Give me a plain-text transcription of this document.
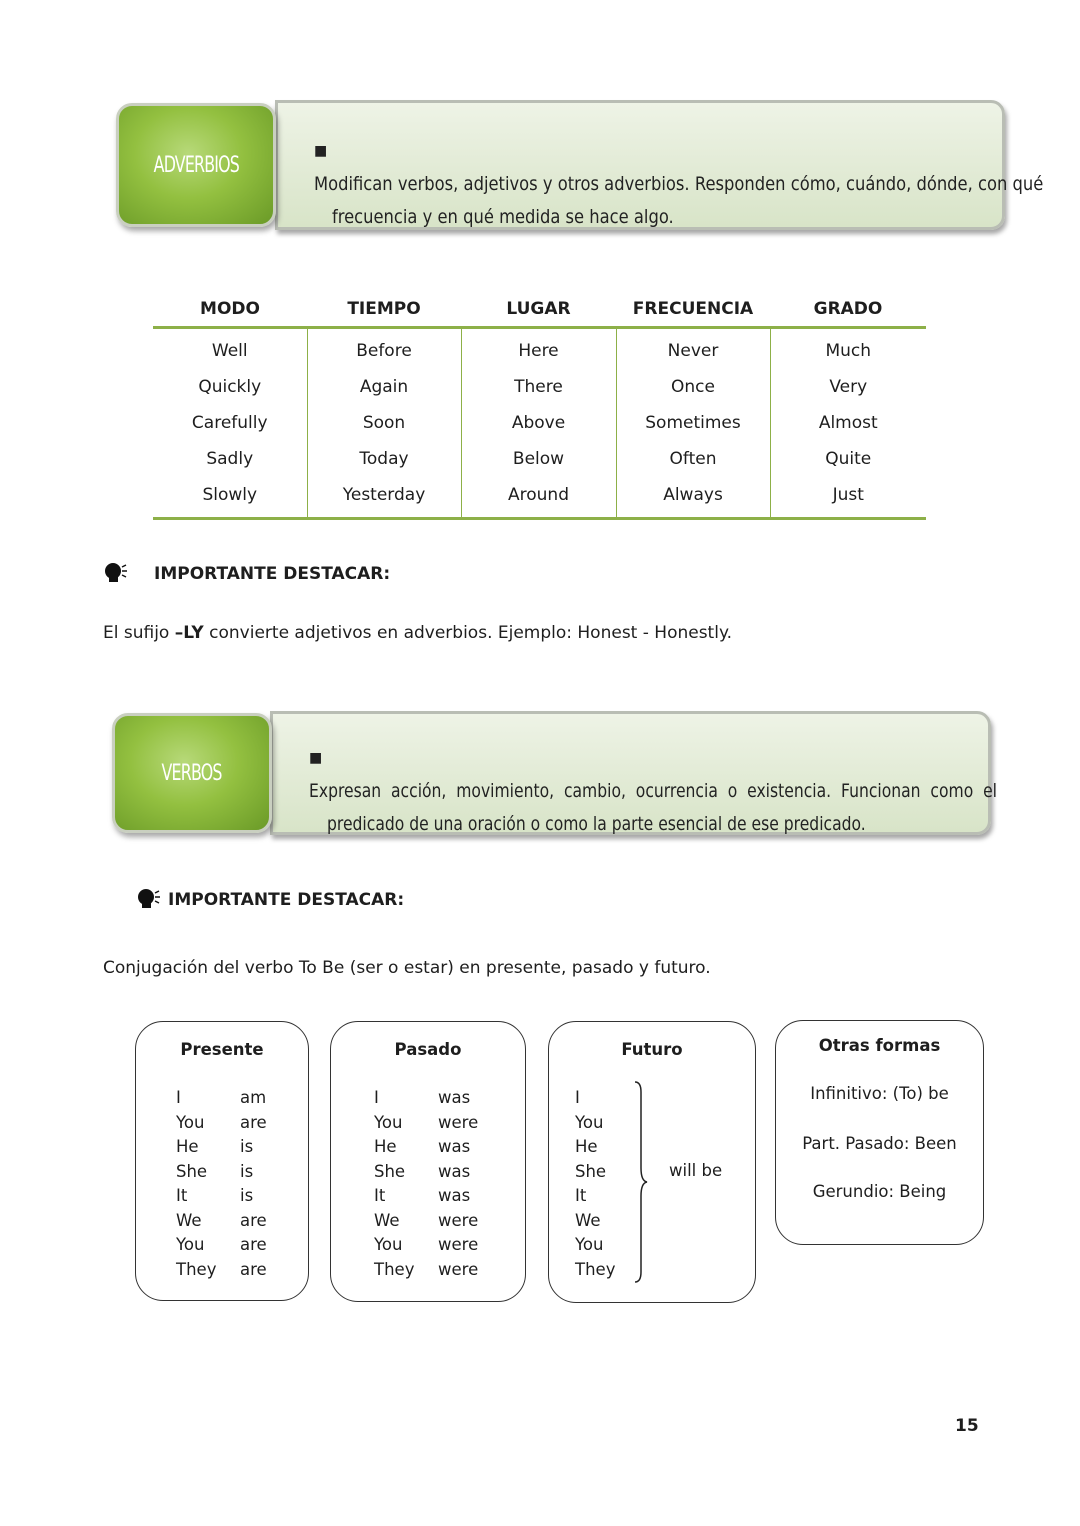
■ Modifican verbos, adjetivos y otros adverbios. Responden cómo, cuándo, dónde, con qué
frecuencia y en qué medida se hace algo.

ADVERBIOS
MODO	TIEMPO	LUGAR	FRECUENCIA	GRADO
Well	Before	Here	Never	Much
Quickly	Again	There	Once	Very
Carefully	Soon	Above	Sometimes	Almost
Sadly	Today	Below	Often	Quite
Slowly	Yesterday	Around	Always	Just
IMPORTANTE DESTACAR:
El sufijo –LY convierte adjetivos en adverbios. Ejemplo: Honest - Honestly.

■ Expresan acción, movimiento, cambio, ocurrencia o existencia. Funcionan como el
predicado de una oración o como la parte esencial de ese predicado.

VERBOS
IMPORTANTE DESTACAR:
Conjugación del verbo To Be (ser o estar) en presente, pasado y futuro.
Presente
I	am
You	are
He	is
She	is
It	is
We	are
You	are
They	are
Pasado
I	was
You	were
He	was
She	was
It	was
We	were
You	were
They	were
Futuro
I
You
He
She
It
We
You
They
will be
Otras formas
Infinitivo: (To) be
Part. Pasado: Been
Gerundio: Being
15
